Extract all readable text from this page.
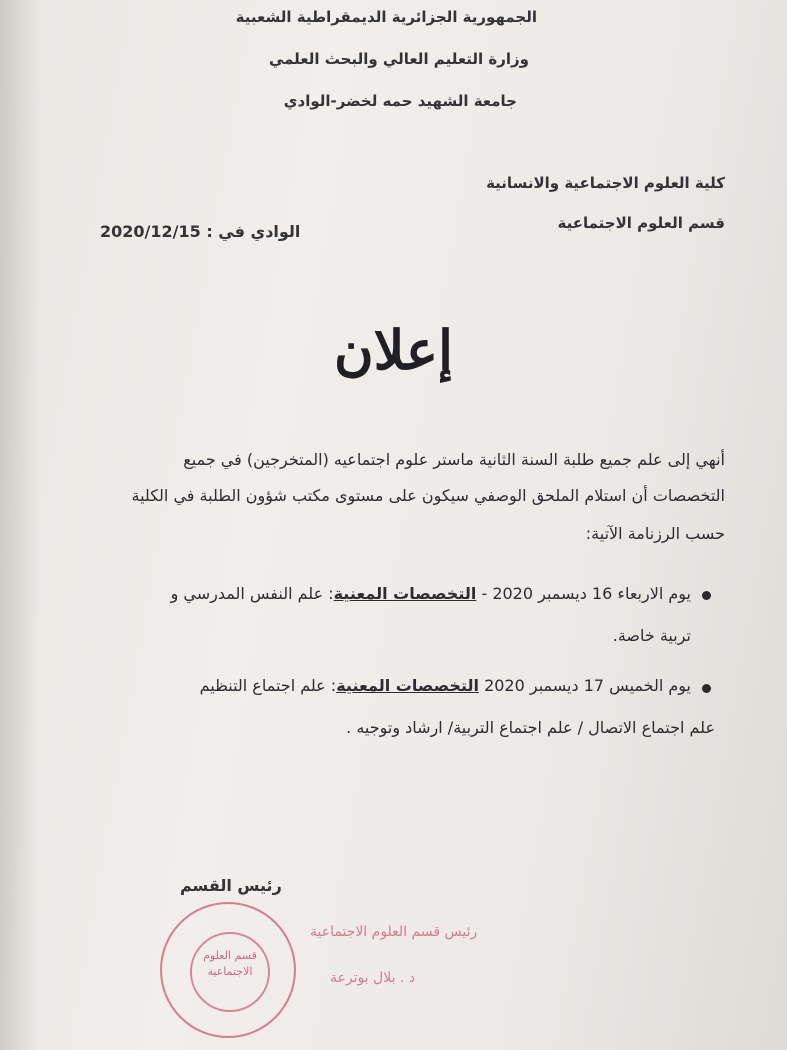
الجمهورية الجزائرية الديمقراطية الشعبية
وزارة التعليم العالي والبحث العلمي
جامعة الشهيد حمه لخضر-الوادي
كلية العلوم الاجتماعية والانسانية
قسم العلوم الاجتماعية
الوادي في : 2020/12/15
إعلان
أنهي إلى علم جميع طلبة السنة الثانية ماستر علوم اجتماعيه (المتخرجين) في جميع
التخصصات أن استلام الملحق الوصفي سيكون على مستوى مكتب شؤون الطلبة في الكلية
حسب الرزنامة الآتية:
يوم الاربعاء 16 ديسمبر 2020 - التخصصات المعنية: علم النفس المدرسي و
تربية خاصة.
يوم الخميس 17 ديسمبر 2020 التخصصات المعنية: علم اجتماع التنظيم
علم اجتماع الاتصال / علم اجتماع التربية/ ارشاد وتوجيه .
رئيس القسم
قسم العلوم الاجتماعية
رئيس قسم العلوم الاجتماعية
د . بلال بوترعة
